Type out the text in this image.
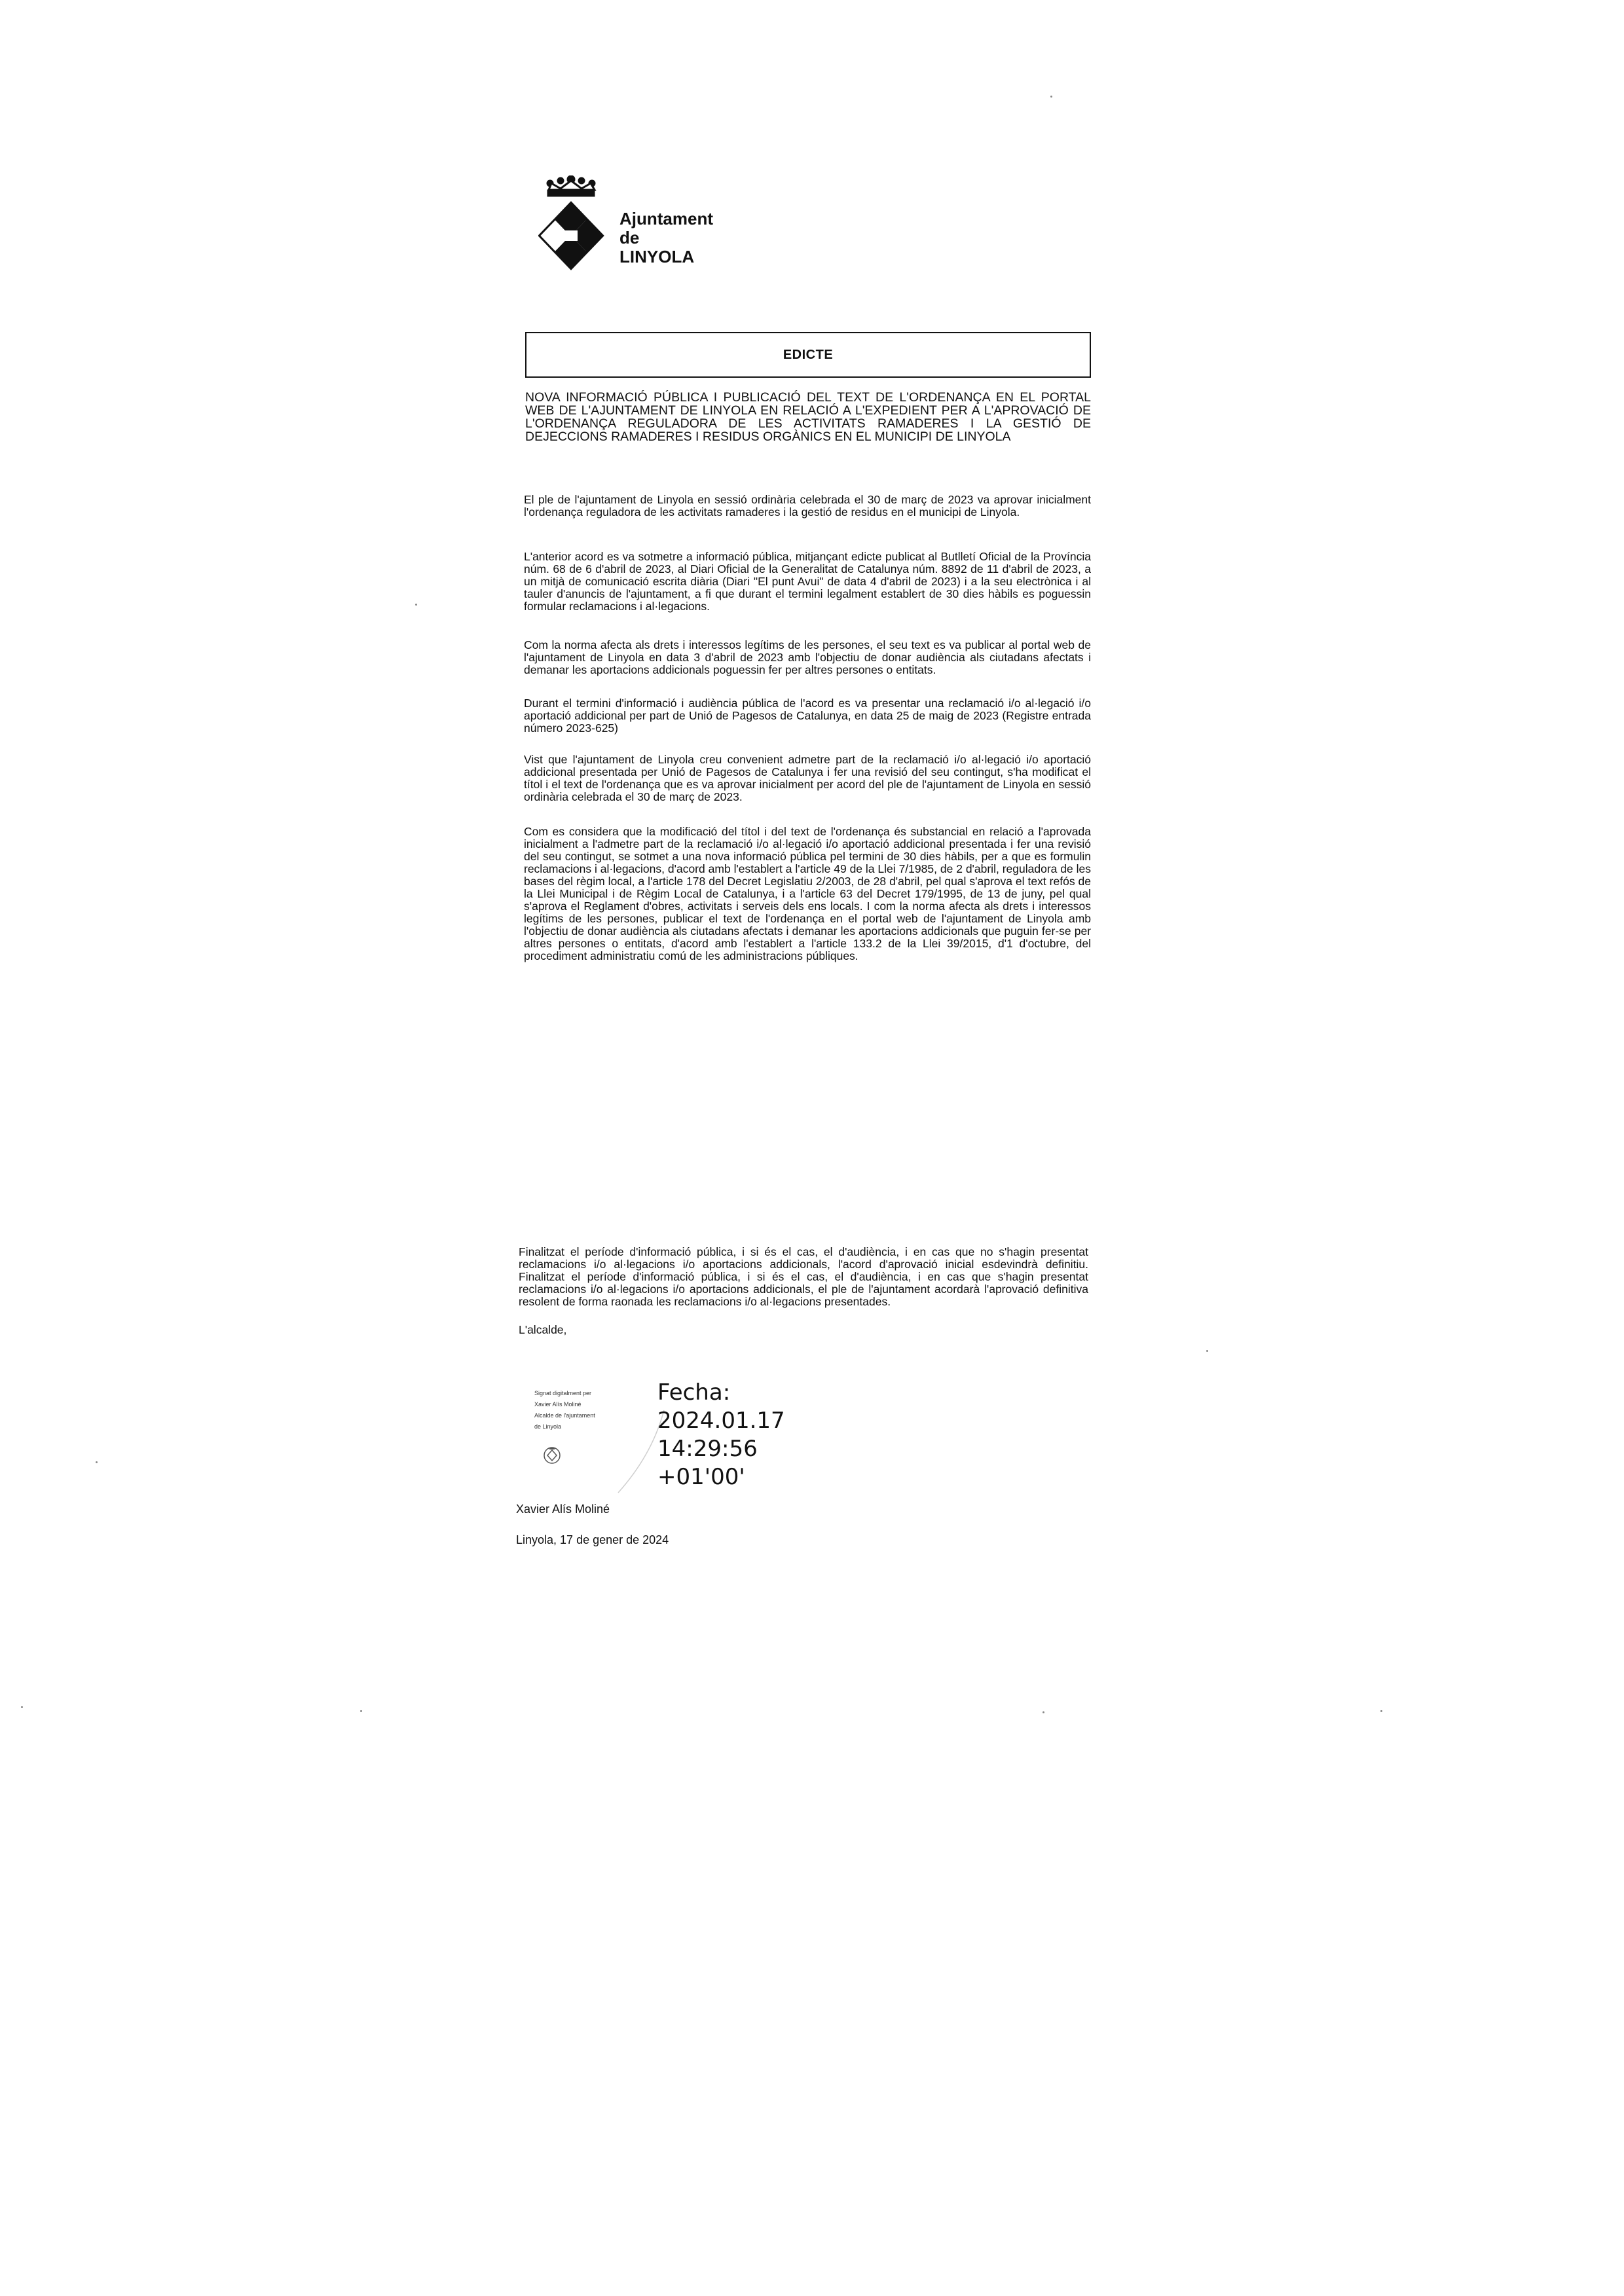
Ajuntament
de
LINYOLA
EDICTE
NOVA INFORMACIÓ PÚBLICA I PUBLICACIÓ DEL TEXT DE L'ORDENANÇA EN EL PORTAL WEB DE L'AJUNTAMENT DE LINYOLA EN RELACIÓ A L'EXPEDIENT PER A L'APROVACIÓ DE L'ORDENANÇA REGULADORA DE LES ACTIVITATS RAMADERES I LA GESTIÓ DE DEJECCIONS RAMADERES I RESIDUS ORGÀNICS EN EL MUNICIPI DE LINYOLA

El ple de l'ajuntament de Linyola en sessió ordinària celebrada el 30 de març de 2023 va aprovar inicialment l'ordenança reguladora de les activitats ramaderes i la gestió de residus en el municipi de Linyola.

L'anterior acord es va sotmetre a informació pública, mitjançant edicte publicat al Butlletí Oficial de la Província núm. 68 de 6 d'abril de 2023, al Diari Oficial de la Generalitat de Catalunya núm. 8892 de 11 d'abril de 2023, a un mitjà de comunicació escrita diària (Diari "El punt Avui" de data 4 d'abril de 2023) i a la seu electrònica i al tauler d'anuncis de l'ajuntament, a fi que durant el termini legalment establert de 30 dies hàbils es poguessin formular reclamacions i al·legacions.

Com la norma afecta als drets i interessos legítims de les persones, el seu text es va publicar al portal web de l'ajuntament de Linyola en data 3 d'abril de 2023 amb l'objectiu de donar audiència als ciutadans afectats i demanar les aportacions addicionals poguessin fer per altres persones o entitats.

Durant el termini d'informació i audiència pública de l'acord es va presentar una reclamació i/o al·legació i/o aportació addicional per part de Unió de Pagesos de Catalunya, en data 25 de maig de 2023 (Registre entrada número 2023-625)

Vist que l'ajuntament de Linyola creu convenient admetre part de la reclamació i/o al·legació i/o aportació addicional presentada per Unió de Pagesos de Catalunya i fer una revisió del seu contingut, s'ha modificat el títol i el text de l'ordenança que es va aprovar inicialment per acord del ple de l'ajuntament de Linyola en sessió ordinària celebrada el 30 de març de 2023.

Com es considera que la modificació del títol i del text de l'ordenança és substancial en relació a l'aprovada inicialment a l'admetre part de la reclamació i/o al·legació i/o aportació addicional presentada i fer una revisió del seu contingut, se sotmet a una nova informació pública pel termini de 30 dies hàbils, per a que es formulin reclamacions i al·legacions, d'acord amb l'establert a l'article 49 de la Llei 7/1985, de 2 d'abril, reguladora de les bases del règim local, a l'article 178 del Decret Legislatiu 2/2003, de 28 d'abril, pel qual s'aprova el text refós de la Llei Municipal i de Règim Local de Catalunya, i a l'article 63 del Decret 179/1995, de 13 de juny, pel qual s'aprova el Reglament d'obres, activitats i serveis dels ens locals. I com la norma afecta als drets i interessos legítims de les persones, publicar el text de l'ordenança en el portal web de l'ajuntament de Linyola amb l'objectiu de donar audiència als ciutadans afectats i demanar les aportacions addicionals que puguin fer-se per altres persones o entitats, d'acord amb l'establert a l'article 133.2 de la Llei 39/2015, d'1 d'octubre, del procediment administratiu comú de les administracions públiques.

Finalitzat el període d'informació pública, i si és el cas, el d'audiència, i en cas que no s'hagin presentat reclamacions i/o al·legacions i/o aportacions addicionals, l'acord d'aprovació inicial esdevindrà definitiu. Finalitzat el període d'informació pública, i si és el cas, el d'audiència, i en cas que s'hagin presentat reclamacions i/o al·legacions i/o aportacions addicionals, el ple de l'ajuntament acordarà l'aprovació definitiva resolent de forma raonada les reclamacions i/o al·legacions presentades.

L'alcalde,

Signat digitalment per
Xavier Alís Moliné
Alcalde de l'ajuntament
de Linyola
Fecha:
2024.01.17
14:29:56
+01'00'
Xavier Alís Moliné
Linyola, 17 de gener de 2024
